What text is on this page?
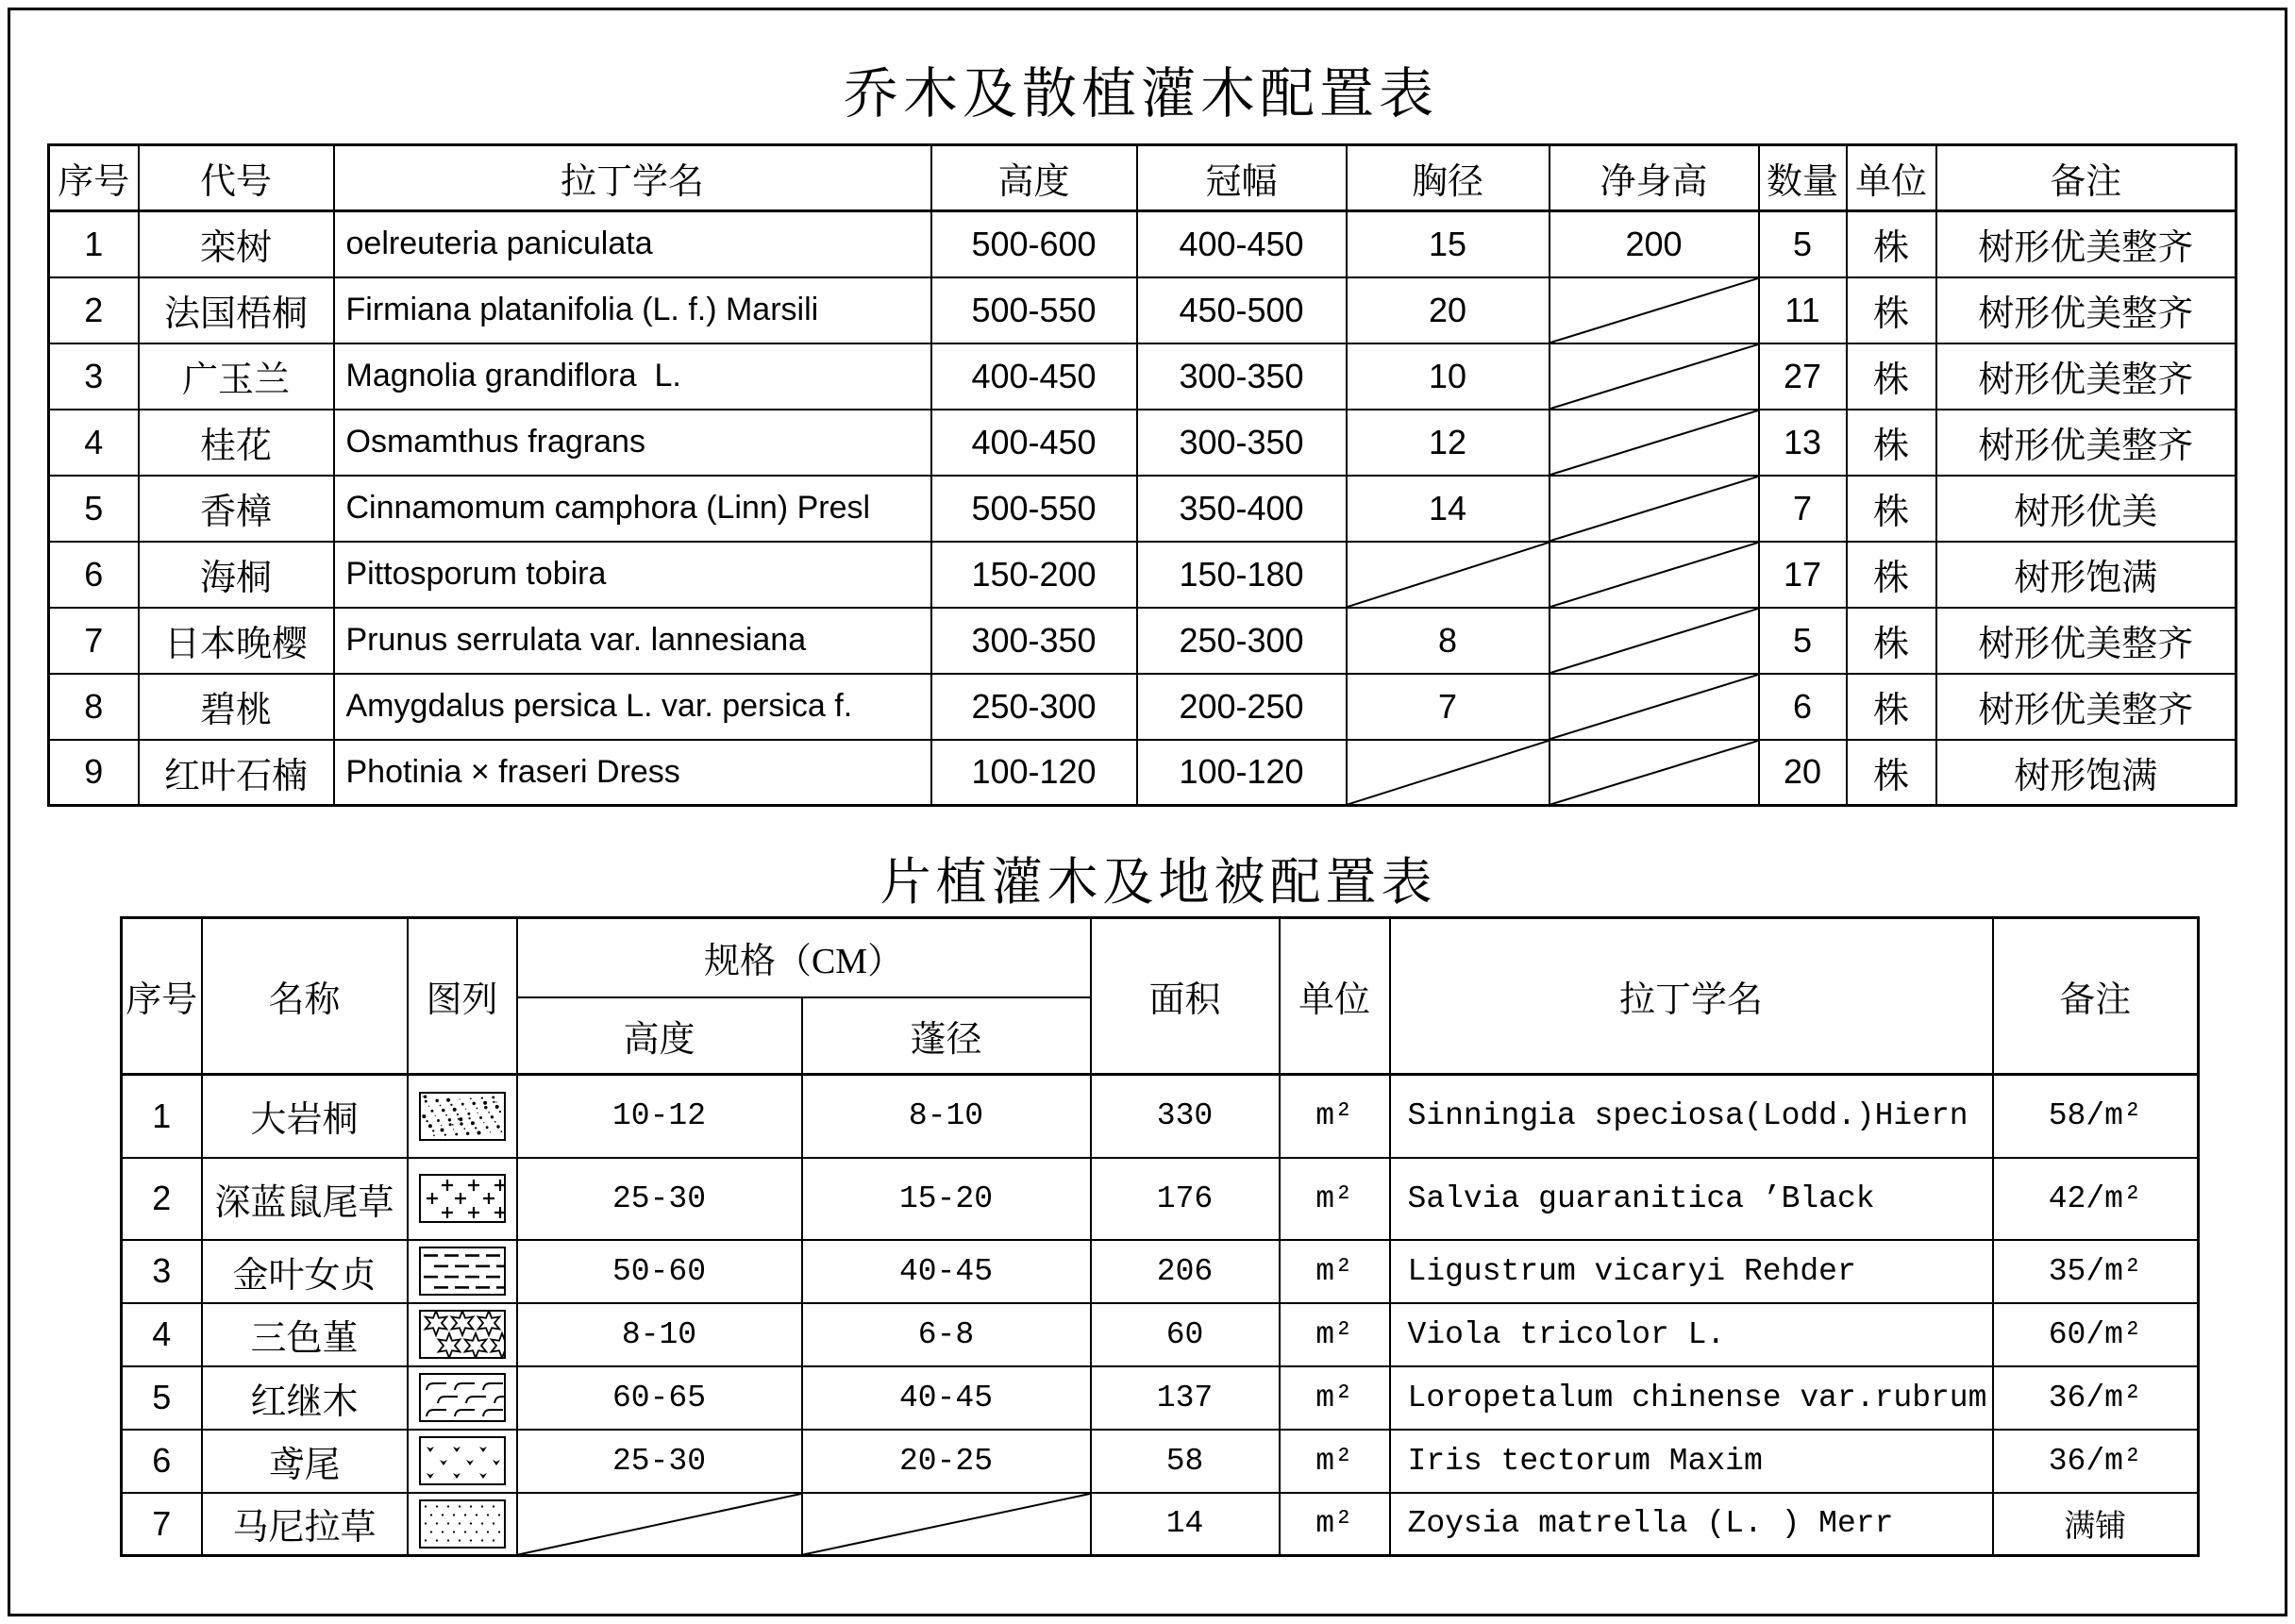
乔木及散植灌木配置表
序号	代号	拉丁学名	高度	冠幅	胸径	净身高	数量	单位	备注
1	栾树	oelreuteria paniculata	500-600	400-450	15	200	5	株	树形优美整齐
2	法国梧桐	Firmiana platanifolia (L. f.) Marsili	500-550	450-500	20		11	株	树形优美整齐
3	广玉兰	Magnolia grandiflora  L.	400-450	300-350	10		27	株	树形优美整齐
4	桂花	Osmamthus fragrans	400-450	300-350	12		13	株	树形优美整齐
5	香樟	Cinnamomum camphora (Linn) Presl	500-550	350-400	14		7	株	树形优美
6	海桐	Pittosporum tobira	150-200	150-180			17	株	树形饱满
7	日本晚樱	Prunus serrulata var. lannesiana	300-350	250-300	8		5	株	树形优美整齐
8	碧桃	Amygdalus persica L. var. persica f.	250-300	200-250	7		6	株	树形优美整齐
9	红叶石楠	Photinia × fraseri Dress	100-120	100-120			20	株	树形饱满
片植灌木及地被配置表
序号	名称	图列	规格（CM）		面积	单位	拉丁学名	备注
			高度	蓬径				
1	大岩桐		10-12	8-10	330	m²	Sinningia speciosa(Lodd.)Hiern	58/m²
2	深蓝鼠尾草		25-30	15-20	176	m²	Salvia guaranitica ’Black	42/m²
3	金叶女贞		50-60	40-45	206	m²	Ligustrum vicaryi Rehder	35/m²
4	三色堇		8-10	6-8	60	m²	Viola tricolor L.	60/m²
5	红继木		60-65	40-45	137	m²	Loropetalum chinense var.rubrum	36/m²
6	鸢尾		25-30	20-25	58	m²	Iris tectorum Maxim	36/m²
7	马尼拉草				14	m²	Zoysia matrella (L. ) Merr	满铺
